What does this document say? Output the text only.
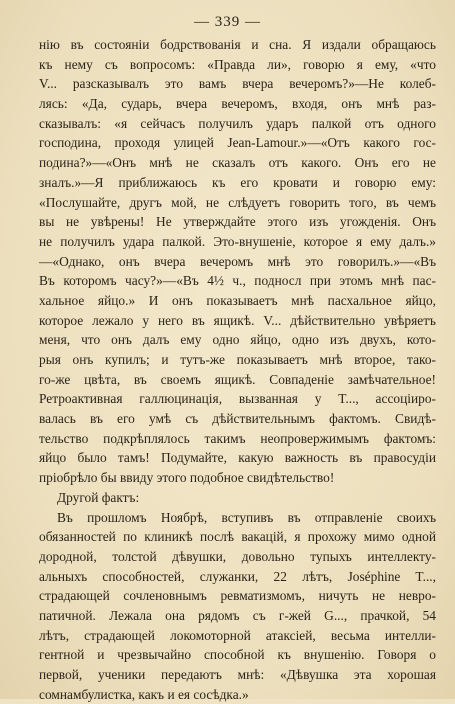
— 339 —
нію въ состояніи бодрствованія и сна. Я издали обращаюсь
къ нему съ вопросомъ: «Правда ли», говорю я ему, «что
V... разсказывалъ это вамъ вчера вечеромъ?»—Не колеб-
лясь: «Да, сударь, вчера вечеромъ, входя, онъ мнѣ раз-
сказывалъ: «я сейчасъ получилъ ударъ палкой отъ одного
господина, проходя улицей Jean-Lamour.»—«Отъ какого гос-
подина?»—«Онъ мнѣ не сказалъ отъ какого. Онъ его не
зналъ.»—Я приближаюсь къ его кровати и говорю ему:
«Послушайте, другъ мой, не слѣдуетъ говорить того, въ чемъ
вы не увѣрены! Не утверждайте этого изъ угожденія. Онъ
не получилъ удара палкой. Это-внушеніе, которое я ему далъ.»
—«Однако, онъ вчера вечеромъ мнѣ это говорилъ.»—«Въ
Въ которомъ часу?»—«Въ 4½ ч., подносл при этомъ мнѣ пас-
хальное яйцо.» И онъ показываетъ мнѣ пасхальное яйцо,
которое лежало у него въ ящикѣ. V... дѣйствительно увѣряетъ
меня, что онъ далъ ему одно яйцо, одно изъ двухъ, кото-
рыя онъ купилъ; и тутъ-же показываетъ мнѣ второе, тако-
го-же цвѣта, въ своемъ ящикѣ. Совпаденіе замѣчательное!
Ретроактивная галлюцинація, вызванная у T..., ассоціиро-
валась въ его умѣ съ дѣйствительнымъ фактомъ. Свидѣ-
тельство подкрѣплялось такимъ неопровержимымъ фактомъ:
яйцо было тамъ! Подумайте, какую важность въ правосудіи
пріобрѣло бы ввиду этого подобное свидѣтельство!
Другой фактъ:
Въ прошломъ Ноябрѣ, вступивъ въ отправленіе своихъ
обязанностей по клиникѣ послѣ вакацій, я прохожу мимо одной
дородной, толстой дѣвушки, довольно тупыхъ интеллекту-
альныхъ способностей, служанки, 22 лѣтъ, Joséphine T...,
страдающей сочленовнымъ ревматизмомъ, ничуть не невро-
патичной. Лежала она рядомъ съ г-жей G..., прачкой, 54
лѣтъ, страдающей локомоторной атаксіей, весьма интелли-
гентной и чрезвычайно способной къ внушенію. Говоря о
первой, ученики передаютъ мнѣ: «Дѣвушка эта хорошая
сомнамбулистка, какъ и ея сосѣдка.»
